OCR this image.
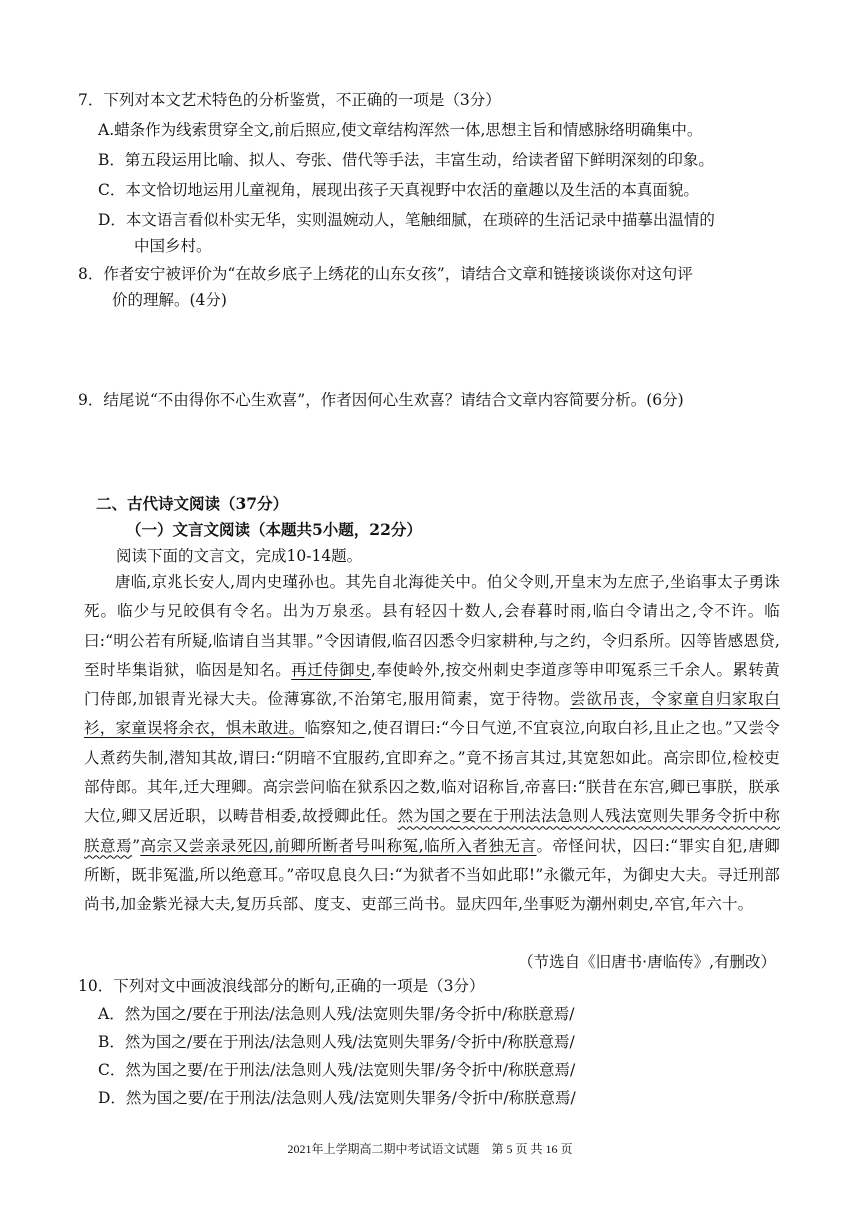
7．下列对本文艺术特色的分析鉴赏，不正确的一项是（3分）
A.蜡条作为线索贯穿全文,前后照应,使文章结构浑然一体,思想主旨和情感脉络明确集中。
B．第五段运用比喻、拟人、夸张、借代等手法，丰富生动，给读者留下鲜明深刻的印象。
C．本文恰切地运用儿童视角，展现出孩子天真视野中农活的童趣以及生活的本真面貌。
D．本文语言看似朴实无华，实则温婉动人，笔触细腻，在琐碎的生活记录中描摹出温情的
中国乡村。
8．作者安宁被评价为“在故乡底子上绣花的山东女孩”，请结合文章和链接谈谈你对这句评
价的理解。(4分)
9．结尾说“不由得你不心生欢喜”，作者因何心生欢喜？请结合文章内容简要分析。(6分)
二、古代诗文阅读（37分）
（一）文言文阅读（本题共5小题，22分）
阅读下面的文言文，完成10-14题。
唐临,京兆长安人,周内史瑾孙也。其先自北海徙关中。伯父令则,开皇末为左庶子,坐谄事太子勇诛死。临少与兄皎俱有令名。出为万泉丞。县有轻囚十数人,会春暮时雨,临白令请出之,令不许。临曰:“明公若有所疑,临请自当其罪。”令因请假,临召囚悉令归家耕种,与之约，令归系所。囚等皆感恩贷,至时毕集诣狱，临因是知名。再迁侍御史,奉使岭外,按交州刺史李道彦等申叩冤系三千余人。累转黄门侍郎,加银青光禄大夫。俭薄寡欲,不治第宅,服用简素，宽于待物。尝欲吊丧，令家童自归家取白衫，家童误将余衣，惧未敢进。临察知之,使召谓曰:“今日气逆,不宜哀泣,向取白衫,且止之也。”又尝令人煮药失制,潜知其故,谓曰:“阴暗不宜服药,宜即弃之。”竟不扬言其过,其宽恕如此。高宗即位,检校吏部侍郎。其年,迁大理卿。高宗尝问临在狱系囚之数,临对诏称旨,帝喜曰:“朕昔在东宫,卿已事朕，朕承大位,卿又居近职，以畴昔相委,故授卿此任。然为国之要在于刑法法急则人残法宽则失罪务令折中称朕意焉”高宗又尝亲录死囚,前卿所断者号叫称冤,临所入者独无言。帝怪问状，囚曰:“罪实自犯,唐卿所断，既非冤滥,所以绝意耳。”帝叹息良久曰:“为狱者不当如此耶!”永徽元年，为御史大夫。寻迁刑部尚书,加金紫光禄大夫,复历兵部、度支、吏部三尚书。显庆四年,坐事贬为潮州刺史,卒官,年六十。
（节选自《旧唐书·唐临传》,有删改）
10．下列对文中画波浪线部分的断句,正确的一项是（3分）
A．然为国之/要在于刑法/法急则人残/法宽则失罪/务令折中/称朕意焉/
B．然为国之/要在于刑法/法急则人残/法宽则失罪务/令折中/称朕意焉/
C．然为国之要/在于刑法/法急则人残/法宽则失罪/务令折中/称朕意焉/
D．然为国之要/在于刑法/法急则人残/法宽则失罪务/令折中/称朕意焉/
2021年上学期高二期中考试语文试题　第 5 页 共 16 页
